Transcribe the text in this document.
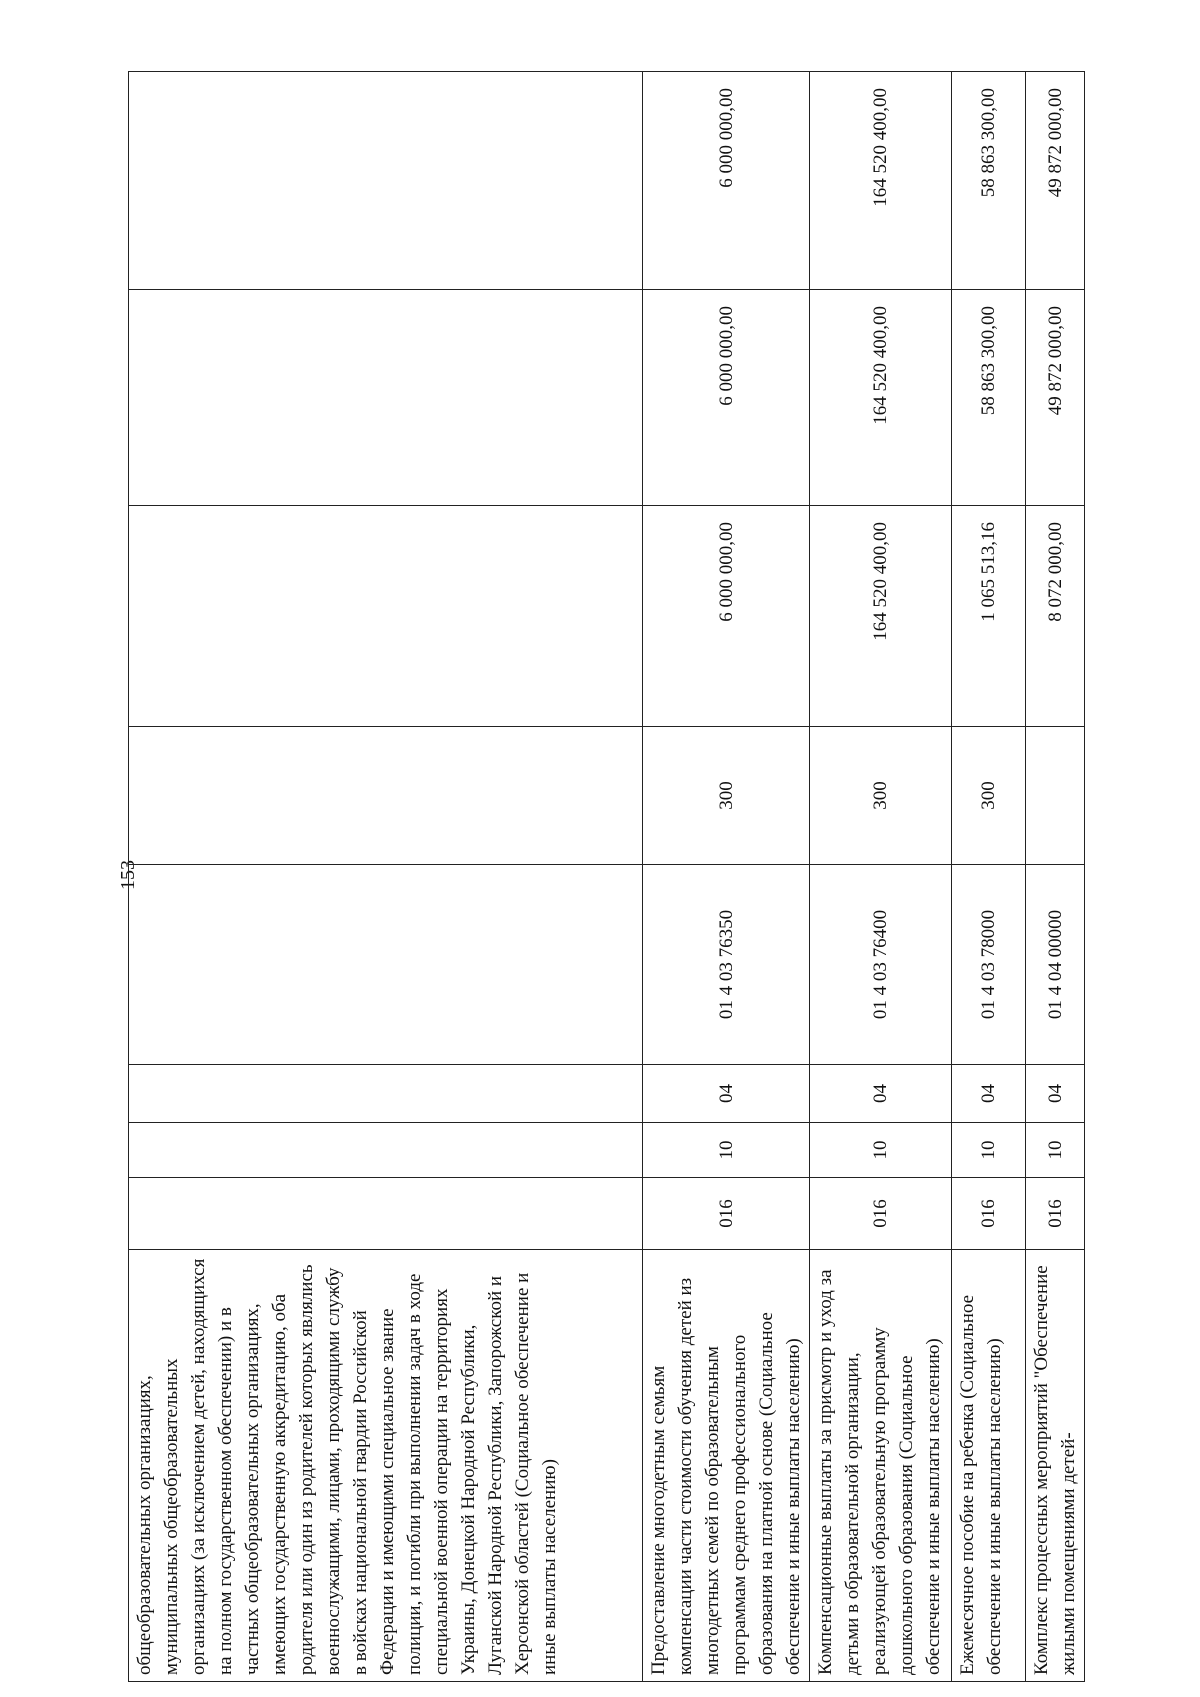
153
общеобразовательных организациях, муниципальных общеобразовательных организациях (за исключением детей, находящихся на полном государственном обеспечении) и в частных общеобразовательных организациях, имеющих государственную аккредитацию, оба родителя или один из родителей которых являлись военнослужащими, лицами, проходящими службу в войсках национальной гвардии Российской Федерации и имеющими специальное звание полиции, и погибли при выполнении задач в ходе специальной военной операции на территориях Украины, Донецкой Народной Республики, Луганской Народной Республики, Запорожской и Херсонской областей (Социальное обеспечение и иные выплаты населению)								
Предоставление многодетным семьям компенсации части стоимости обучения детей из многодетных семей по образовательным программам среднего профессионального образования на платной основе (Социальное обеспечение и иные выплаты населению)	016	10	04	01 4 03 76350	300	6 000 000,00	6 000 000,00	6 000 000,00
Компенсационные выплаты за присмотр и уход за детьми в образовательной организации, реализующей образовательную программу дошкольного образования (Социальное обеспечение и иные выплаты населению)	016	10	04	01 4 03 76400	300	164 520 400,00	164 520 400,00	164 520 400,00
Ежемесячное пособие на ребенка (Социальное обеспечение и иные выплаты населению)	016	10	04	01 4 03 78000	300	1 065 513,16	58 863 300,00	58 863 300,00
Комплекс процессных мероприятий "Обеспечение жилыми помещениями детей-	016	10	04	01 4 04 00000		8 072 000,00	49 872 000,00	49 872 000,00
